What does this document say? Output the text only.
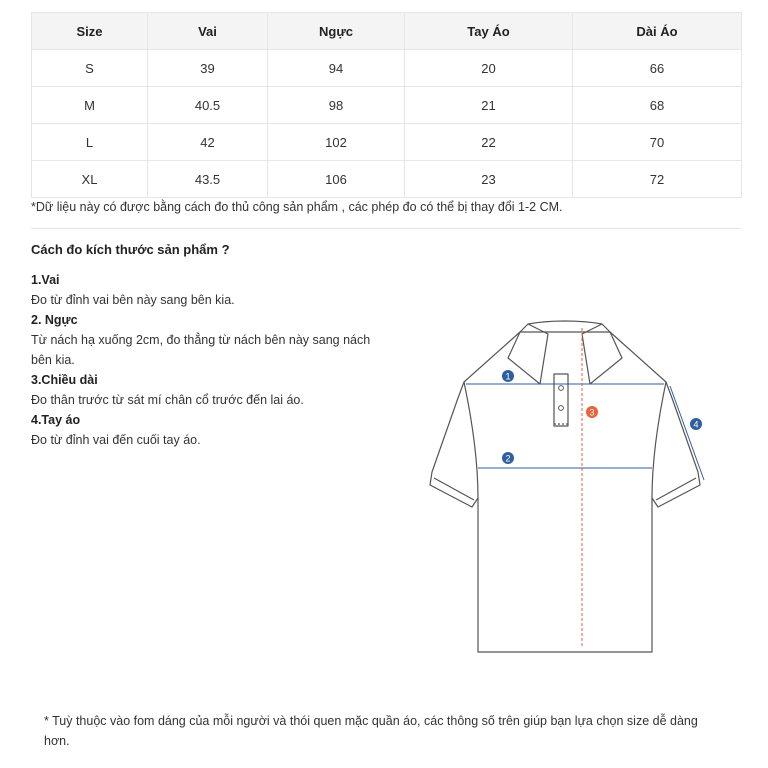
Size	Vai	Ngực	Tay Áo	Dài Áo
S	39	94	20	66
M	40.5	98	21	68
L	42	102	22	70
XL	43.5	106	23	72
*Dữ liệu này có được bằng cách đo thủ công sản phẩm , các phép đo có thể bị thay đổi 1-2 CM.
Cách đo kích thước sản phẩm ?
1.Vai
Đo từ đỉnh vai bên này sang bên kia.
2. Ngực
Từ nách hạ xuống 2cm, đo thẳng từ nách bên này sang nách bên kia.
3.Chiều dài
Đo thân trước từ sát mí chân cổ trước đến lai áo.
4.Tay áo
Đo từ đỉnh vai đến cuối tay áo.
1
2
3
4
* Tuỳ thuộc vào fom dáng của mỗi người và thói quen mặc quần áo, các thông số trên giúp bạn lựa chọn size dễ dàng hơn.
